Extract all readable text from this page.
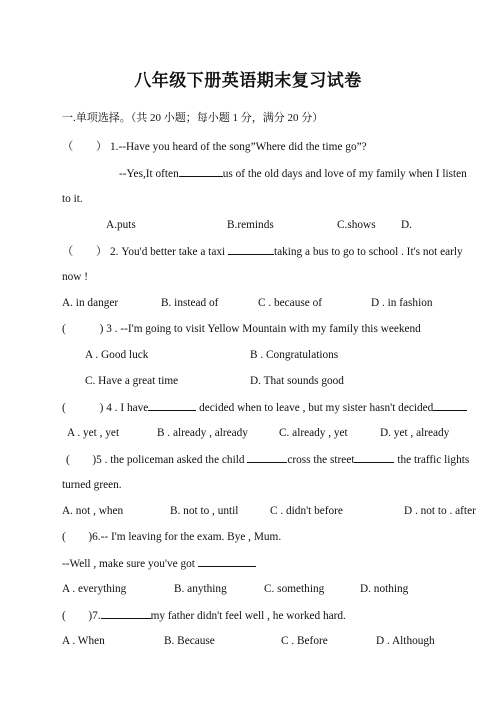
八年级下册英语期末复习试卷
一.单项选择。（共 20 小题；每小题 1 分，满分 20 分）
（　　） 1.--Have you heard of the song”Where did the time go”?
--Yes,It often	us of the old days and love of my family when I listen
to it.
A.puts	B.reminds	C.shows D.
（　　） 2. You'd better take a taxi	taking a bus to go to school . It's not early
now !
A. in danger	B. instead of	C . because of	D . in fashion
(　　　) 3 . --I'm going to visit Yellow Mountain with my family this weekend
A . Good luck	B . Congratulations
C. Have a great time	D. That sounds good
(　　　) 4 . I have	decided when to leave , but my sister hasn't decided
A . yet , yet	B . already , already	C. already , yet	D. yet , already
(　　)5 . the policeman asked the child	cross the street	the traffic lights
turned green.
A. not , when	B. not to , until	C . didn't before	D . not to . after
(　　)6.-- I'm leaving for the exam. Bye , Mum.
--Well , make sure you've got
A . everything	B. anything	C. something	D. nothing
(　　)7.	my father didn't feel well , he worked hard.
A . When	B. Because	C . Before	D . Although
